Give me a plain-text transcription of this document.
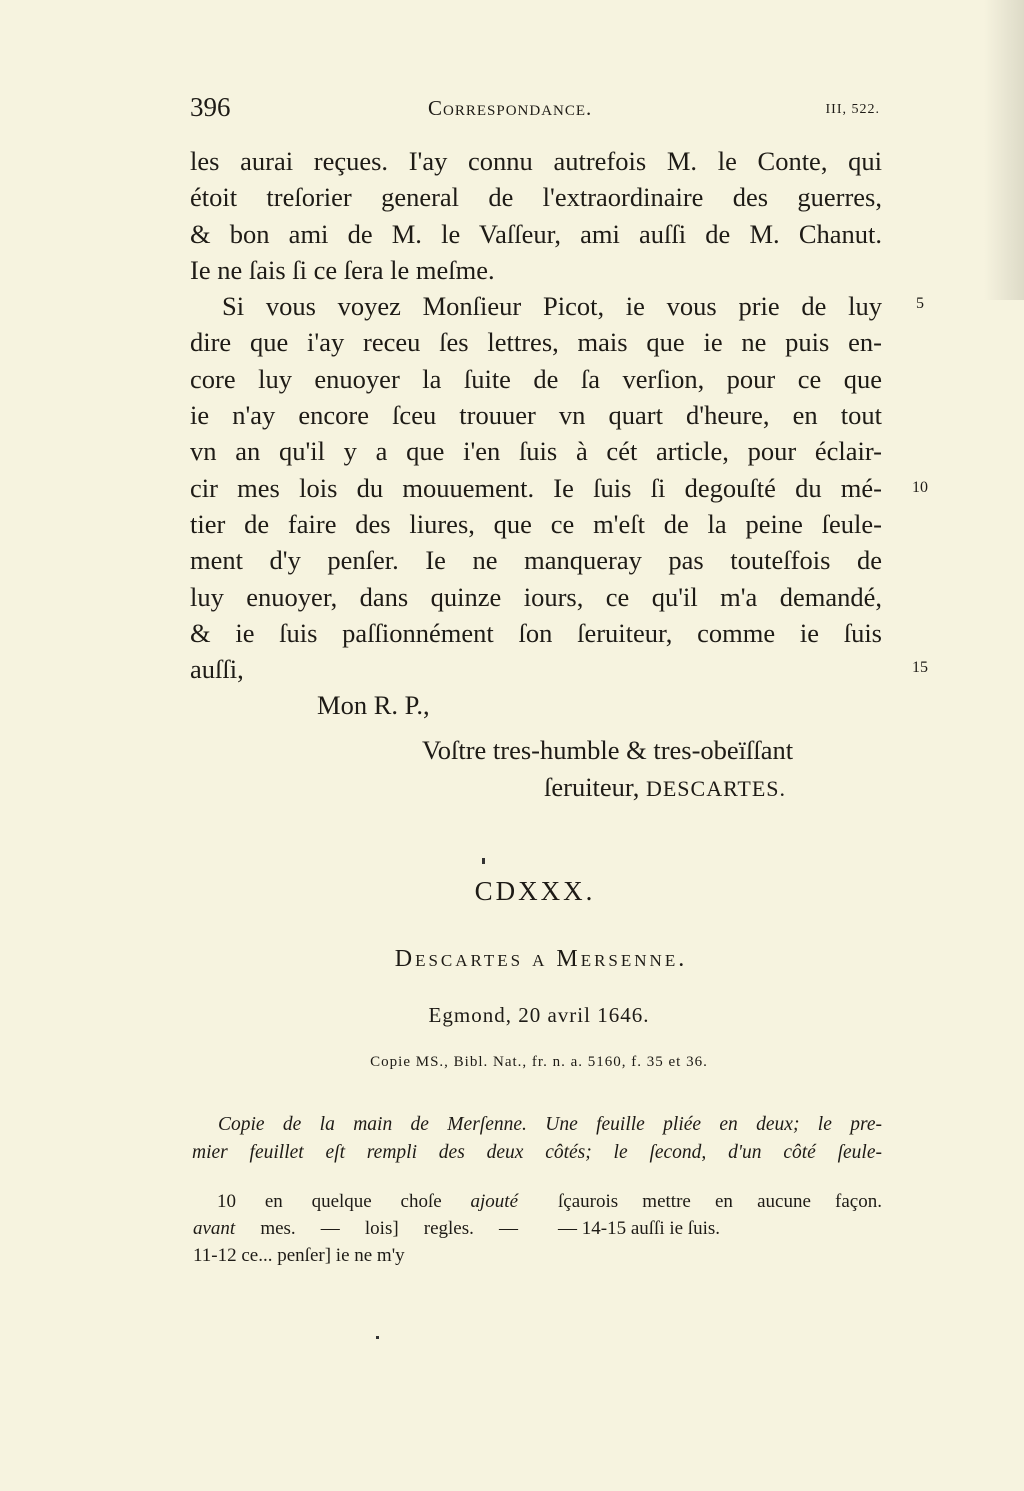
396	Correspondance.	III, 522.
les aurai reçues. I'ay connu autrefois M. le Conte, qui
étoit treſorier general de l'extraordinaire des guerres,
& bon ami de M. le Vaſſeur, ami auſſi de M. Chanut.
Ie ne ſais ſi ce ſera le meſme.
Si vous voyez Monſieur Picot, ie vous prie de luy
dire que i'ay receu ſes lettres, mais que ie ne puis en-
core luy enuoyer la ſuite de ſa verſion, pour ce que
ie n'ay encore ſceu trouuer vn quart d'heure, en tout
vn an qu'il y a que i'en ſuis à cét article, pour éclair-
cir mes lois du mouuement. Ie ſuis ſi degouſté du mé-
tier de faire des liures, que ce m'eſt de la peine ſeule-
ment d'y penſer. Ie ne manqueray pas touteſfois de
luy enuoyer, dans quinze iours, ce qu'il m'a demandé,
& ie ſuis paſſionnément ſon ſeruiteur, comme ie ſuis
auſſi,
5
10
15
Mon R. P.,
Voſtre tres-humble & tres-obeïſſant
ſeruiteur, DESCARTES.
CDXXX.
Descartes a Mersenne.
Egmond, 20 avril 1646.
Copie MS., Bibl. Nat., fr. n. a. 5160, f. 35 et 36.
Copie de la main de Merſenne. Une feuille pliée en deux; le pre-
mier feuillet eſt rempli des deux côtés; le ſecond, d'un côté ſeule-
10 en quelque choſe ajouté
avant mes. — lois] regles. —
11-12 ce... penſer] ie ne m'y
ſçaurois mettre en aucune façon.
— 14-15 auſſi ie ſuis.
